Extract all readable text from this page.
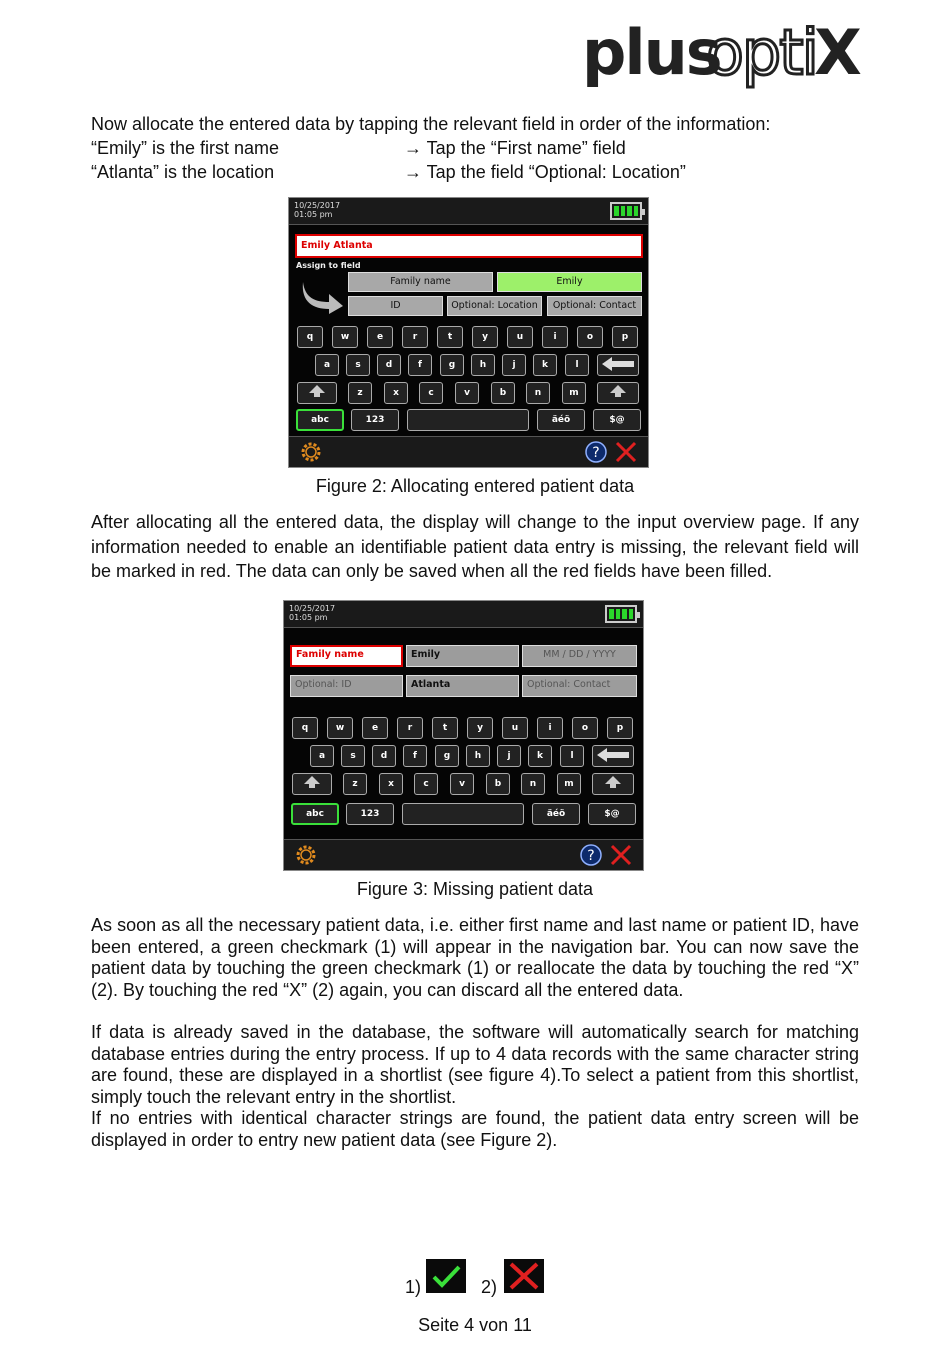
plus
opti
X

Now allocate the entered data by tapping the relevant field in order of the information:

“Emily” is the first name	→ Tap the “First name” field
“Atlanta” is the location	→ Tap the field “Optional: Location”
10/25/2017
01:05 pm
Emily Atlanta
Assign to field
Family name	Emily
ID	Optional: Location	Optional: Contact
q	w	e	r	t	y	u	i	o	p
a	s	d	f	g	h	j	k	l
z	x	c	v	b	n	m
abc	123	äéö	$@
?
Figure 2: Allocating entered patient data

After allocating all the entered data, the display will change to the input overview page. If any information needed to enable an identifiable patient data entry is missing, the relevant field will be marked in red. The data can only be saved when all the red fields have been filled.

10/25/2017
01:05 pm
Family name	Emily	MM / DD / YYYY
Optional: ID	Atlanta	Optional: Contact
q	w	e	r	t	y	u	i	o	p
a	s	d	f	g	h	j	k	l
z	x	c	v	b	n	m
abc	123	äéö	$@
?
Figure 3: Missing patient data

As soon as all the necessary patient data, i.e. either first name and last name or patient ID, have been entered, a green checkmark (1) will appear in the navigation bar. You can now save the patient data by touching the green checkmark (1) or reallocate the data by touching the red “X” (2). By touching the red “X” (2) again, you can discard all the entered data.

If data is already saved in the database, the software will automatically search for matching database entries during the entry process. If up to 4 data records with the same character string are found, these are displayed in a shortlist (see figure 4).To select a patient from this shortlist, simply touch the relevant entry in the shortlist.

If no entries with identical character strings are found, the patient data entry screen will be displayed in order to entry new patient data (see Figure 2).

1)	2)
Seite 4 von 11
